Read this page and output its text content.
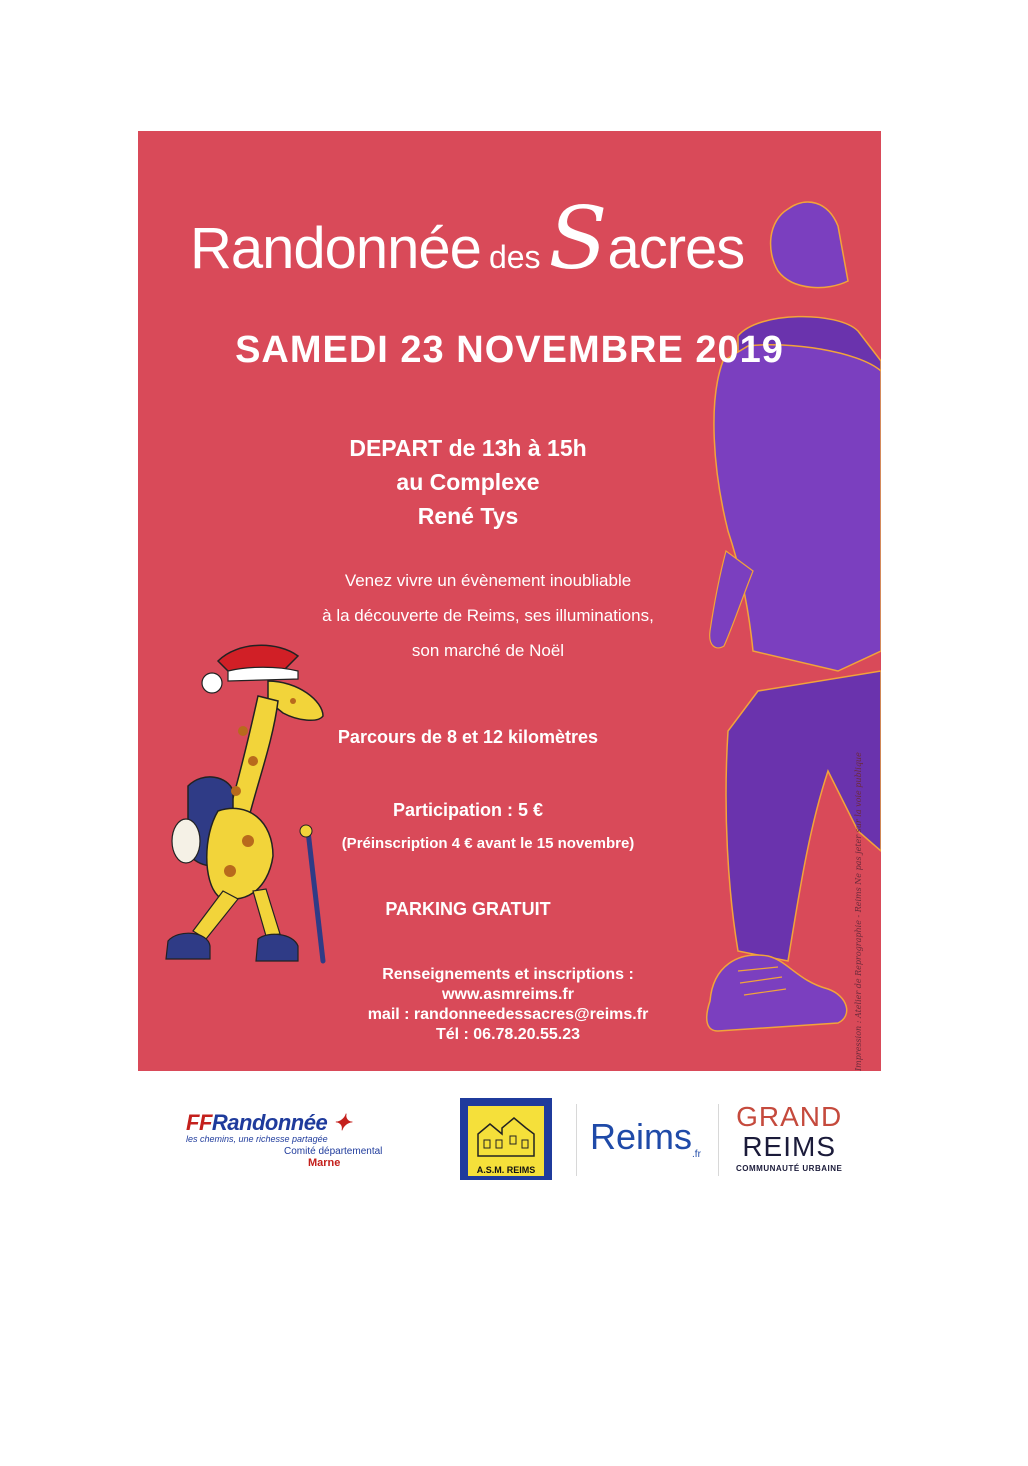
Randonnée desSacres
SAMEDI 23 NOVEMBRE 2019
DEPART de 13h à 15h
au Complexe
René Tys
Venez vivre un évènement inoubliable
à la découverte de Reims, ses illuminations,
son marché de Noël
Parcours de 8 et 12 kilomètres
Participation : 5 €
(Préinscription 4 € avant le 15 novembre)
PARKING GRATUIT
Renseignements et inscriptions :
www.asmreims.fr
mail : randonneedessacres@reims.fr
Tél : 06.78.20.55.23	Impression : Atelier de Reprographie - Reims Ne pas jeter sur la voie publique
FFRandonnée ✦
les chemins, une richesse partagée
Comité départemental
Marne
A.S.M. REIMS
Reims$_{.fr}$
GRAND
REIMS
COMMUNAUTÉ URBAINE
